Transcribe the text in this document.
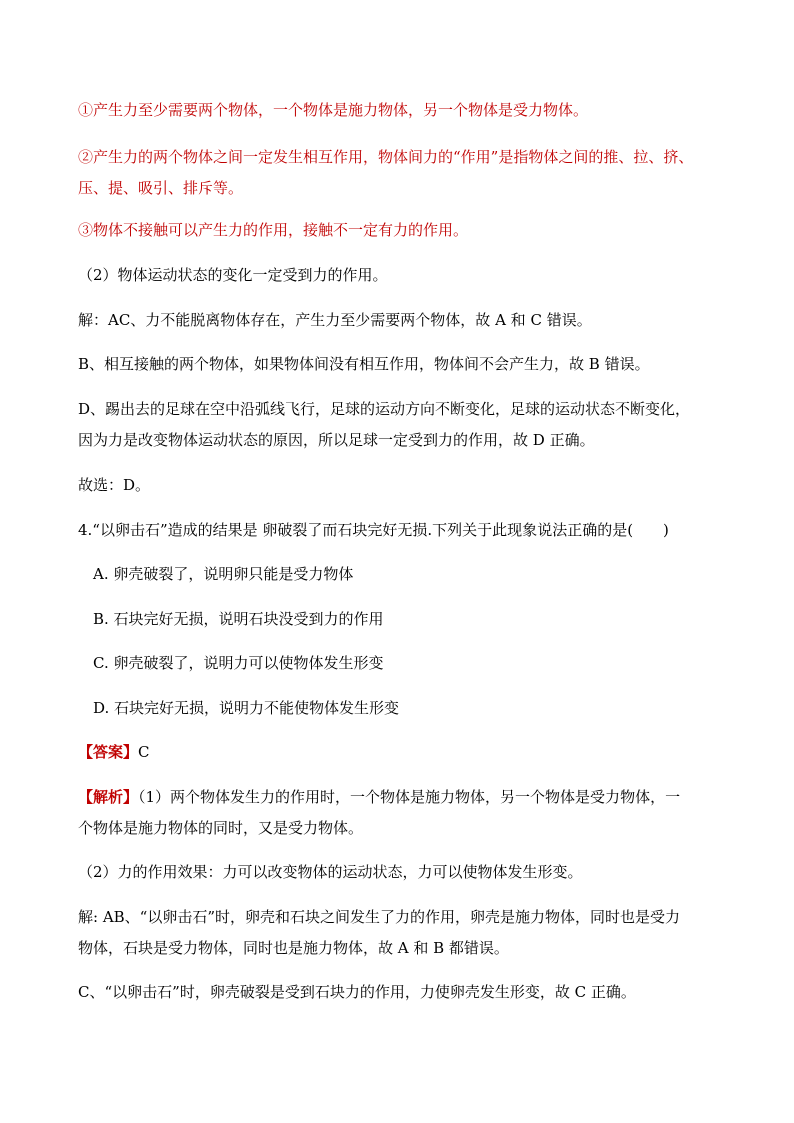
①产生力至少需要两个物体，一个物体是施力物体，另一个物体是受力物体。
②产生力的两个物体之间一定发生相互作用，物体间力的“作用”是指物体之间的推、拉、挤、
压、提、吸引、排斥等。
③物体不接触可以产生力的作用，接触不一定有力的作用。
（2）物体运动状态的变化一定受到力的作用。
解：AC、力不能脱离物体存在，产生力至少需要两个物体，故 A 和 C 错误。
B、相互接触的两个物体，如果物体间没有相互作用，物体间不会产生力，故 B 错误。
D、踢出去的足球在空中沿弧线飞行，足球的运动方向不断变化，足球的运动状态不断变化，
因为力是改变物体运动状态的原因，所以足球一定受到力的作用，故 D 正确。
故选：D。
4.“以卵击石”造成的结果是 卵破裂了而石块完好无损.下列关于此现象说法正确的是(　　)
A. 卵壳破裂了，说明卵只能是受力物体
B. 石块完好无损，说明石块没受到力的作用
C. 卵壳破裂了，说明力可以使物体发生形变
D. 石块完好无损，说明力不能使物体发生形变
【答案】C
【解析】（1）两个物体发生力的作用时，一个物体是施力物体，另一个物体是受力物体，一
个物体是施力物体的同时，又是受力物体。
（2）力的作用效果：力可以改变物体的运动状态，力可以使物体发生形变。
解: AB、“以卵击石”时，卵壳和石块之间发生了力的作用，卵壳是施力物体，同时也是受力
物体，石块是受力物体，同时也是施力物体，故 A 和 B 都错误。
C、“以卵击石”时，卵壳破裂是受到石块力的作用，力使卵壳发生形变，故 C 正确。
